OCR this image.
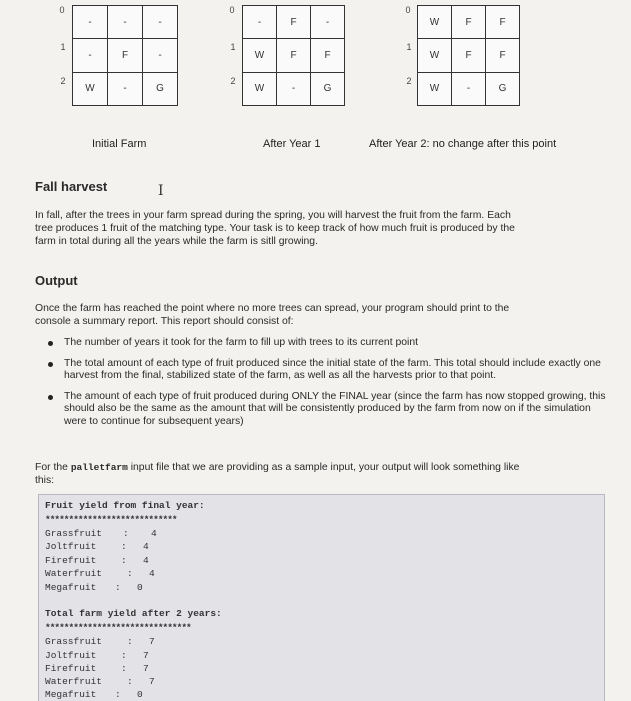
0
1
2
-	-	-
-	F	-
W	-	G
Initial Farm
0
1
2
-	F	-
W	F	F
W	-	G
After Year 1
0
1
2
W	F	F
W	F	F
W	-	G
After Year 2: no change after this point
Fall harvest	I
In fall, after the trees in your farm spread during the spring, you will harvest the fruit from the farm. Each
tree produces 1 fruit of the matching type. Your task is to keep track of how much fruit is produced by the
farm in total during all the years while the farm is sitll growing.
Output
Once the farm has reached the point where no more trees can spread, your program should print to the
console a summary report. This report should consist of:
The number of years it took for the farm to fill up with trees to its current point
The total amount of each type of fruit produced since the initial state of the farm. This total should include exactly one harvest from the final, stabilized state of the farm, as well as all the harvests prior to that point.
The amount of each type of fruit produced during ONLY the FINAL year (since the farm has now stopped growing, this should also be the same as the amount that will be consistently produced by the farm from now on if the simulation were to continue for subsequent years)
For the palletfarm input file that we are providing as a sample input, your output will look something like
this:
Fruit yield from final year:
****************************
Grassfruit : 4
Joltfruit	: 4
Firefruit	: 4
Waterfruit	: 4
Megafruit : 0
Total farm yield after 2 years:
*******************************
Grassfruit	: 7
Joltfruit	: 7
Firefruit	: 7
Waterfruit	: 7
Megafruit : 0
